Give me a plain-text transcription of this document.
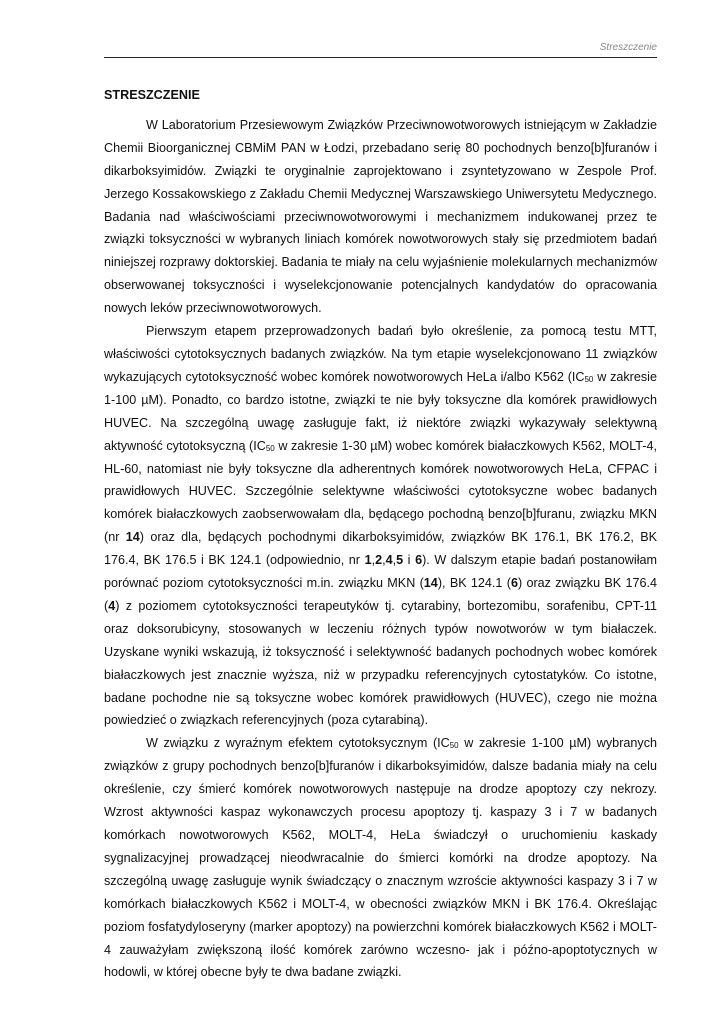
Streszczenie
STRESZCZENIE

W Laboratorium Przesiewowym Związków Przeciwnowotworowych istniejącym w Zakładzie Chemii Bioorganicznej CBMiM PAN w Łodzi, przebadano serię 80 pochodnych benzo[b]furanów i dikarboksyimidów. Związki te oryginalnie zaprojektowano i zsyntetyzowano w Zespole Prof. Jerzego Kossakowskiego z Zakładu Chemii Medycznej Warszawskiego Uniwersytetu Medycznego. Badania nad właściwościami przeciwnowotworowymi i mechanizmem indukowanej przez te związki toksyczności w wybranych liniach komórek nowotworowych stały się przedmiotem badań niniejszej rozprawy doktorskiej. Badania te miały na celu wyjaśnienie molekularnych mechanizmów obserwowanej toksyczności i wyselekcjonowanie potencjalnych kandydatów do opracowania nowych leków przeciwnowotworowych.

Pierwszym etapem przeprowadzonych badań było określenie, za pomocą testu MTT, właściwości cytotoksycznych badanych związków. Na tym etapie wyselekcjonowano 11 związków wykazujących cytotoksyczność wobec komórek nowotworowych HeLa i/albo K562 ($IC_{50}$ w zakresie 1-100 µM). Ponadto, co bardzo istotne, związki te nie były toksyczne dla komórek prawidłowych HUVEC. Na szczególną uwagę zasługuje fakt, iż niektóre związki wykazywały selektywną aktywność cytotoksyczną ($IC_{50}$ w zakresie 1-30 µM) wobec komórek białaczkowych K562, MOLT-4, HL-60, natomiast nie były toksyczne dla adherentnych komórek nowotworowych HeLa, CFPAC i prawidłowych HUVEC. Szczególnie selektywne właściwości cytotoksyczne wobec badanych komórek białaczkowych zaobserwowałam dla, będącego pochodną benzo[b]furanu, związku MKN (nr 14) oraz dla, będących pochodnymi dikarboksyimidów, związków BK 176.1, BK 176.2, BK 176.4, BK 176.5 i BK 124.1 (odpowiednio, nr 1,2,4,5 i 6). W dalszym etapie badań postanowiłam porównać poziom cytotoksyczności m.in. związku MKN (14), BK 124.1 (6) oraz związku BK 176.4 (4) z poziomem cytotoksyczności terapeutyków tj. cytarabiny, bortezomibu, sorafenibu, CPT-11 oraz doksorubicyny, stosowanych w leczeniu różnych typów nowotworów w tym białaczek. Uzyskane wyniki wskazują, iż toksyczność i selektywność badanych pochodnych wobec komórek białaczkowych jest znacznie wyższa, niż w przypadku referencyjnych cytostatyków. Co istotne, badane pochodne nie są toksyczne wobec komórek prawidłowych (HUVEC), czego nie można powiedzieć o związkach referencyjnych (poza cytarabiną).

W związku z wyraźnym efektem cytotoksycznym ($IC_{50}$ w zakresie 1-100 µM) wybranych związków z grupy pochodnych benzo[b]furanów i dikarboksyimidów, dalsze badania miały na celu określenie, czy śmierć komórek nowotworowych następuje na drodze apoptozy czy nekrozy. Wzrost aktywności kaspaz wykonawczych procesu apoptozy tj. kaspazy 3 i 7 w badanych komórkach nowotworowych K562, MOLT-4, HeLa świadczył o uruchomieniu kaskady sygnalizacyjnej prowadzącej nieodwracalnie do śmierci komórki na drodze apoptozy. Na szczególną uwagę zasługuje wynik świadczący o znacznym wzroście aktywności kaspazy 3 i 7 w komórkach białaczkowych K562 i MOLT-4, w obecności związków MKN i BK 176.4. Określając poziom fosfatydyloseryny (marker apoptozy) na powierzchni komórek białaczkowych K562 i MOLT-4 zauważyłam zwiększoną ilość komórek zarówno wczesno- jak i późno-apoptotycznych w hodowli, w której obecne były te dwa badane związki.
